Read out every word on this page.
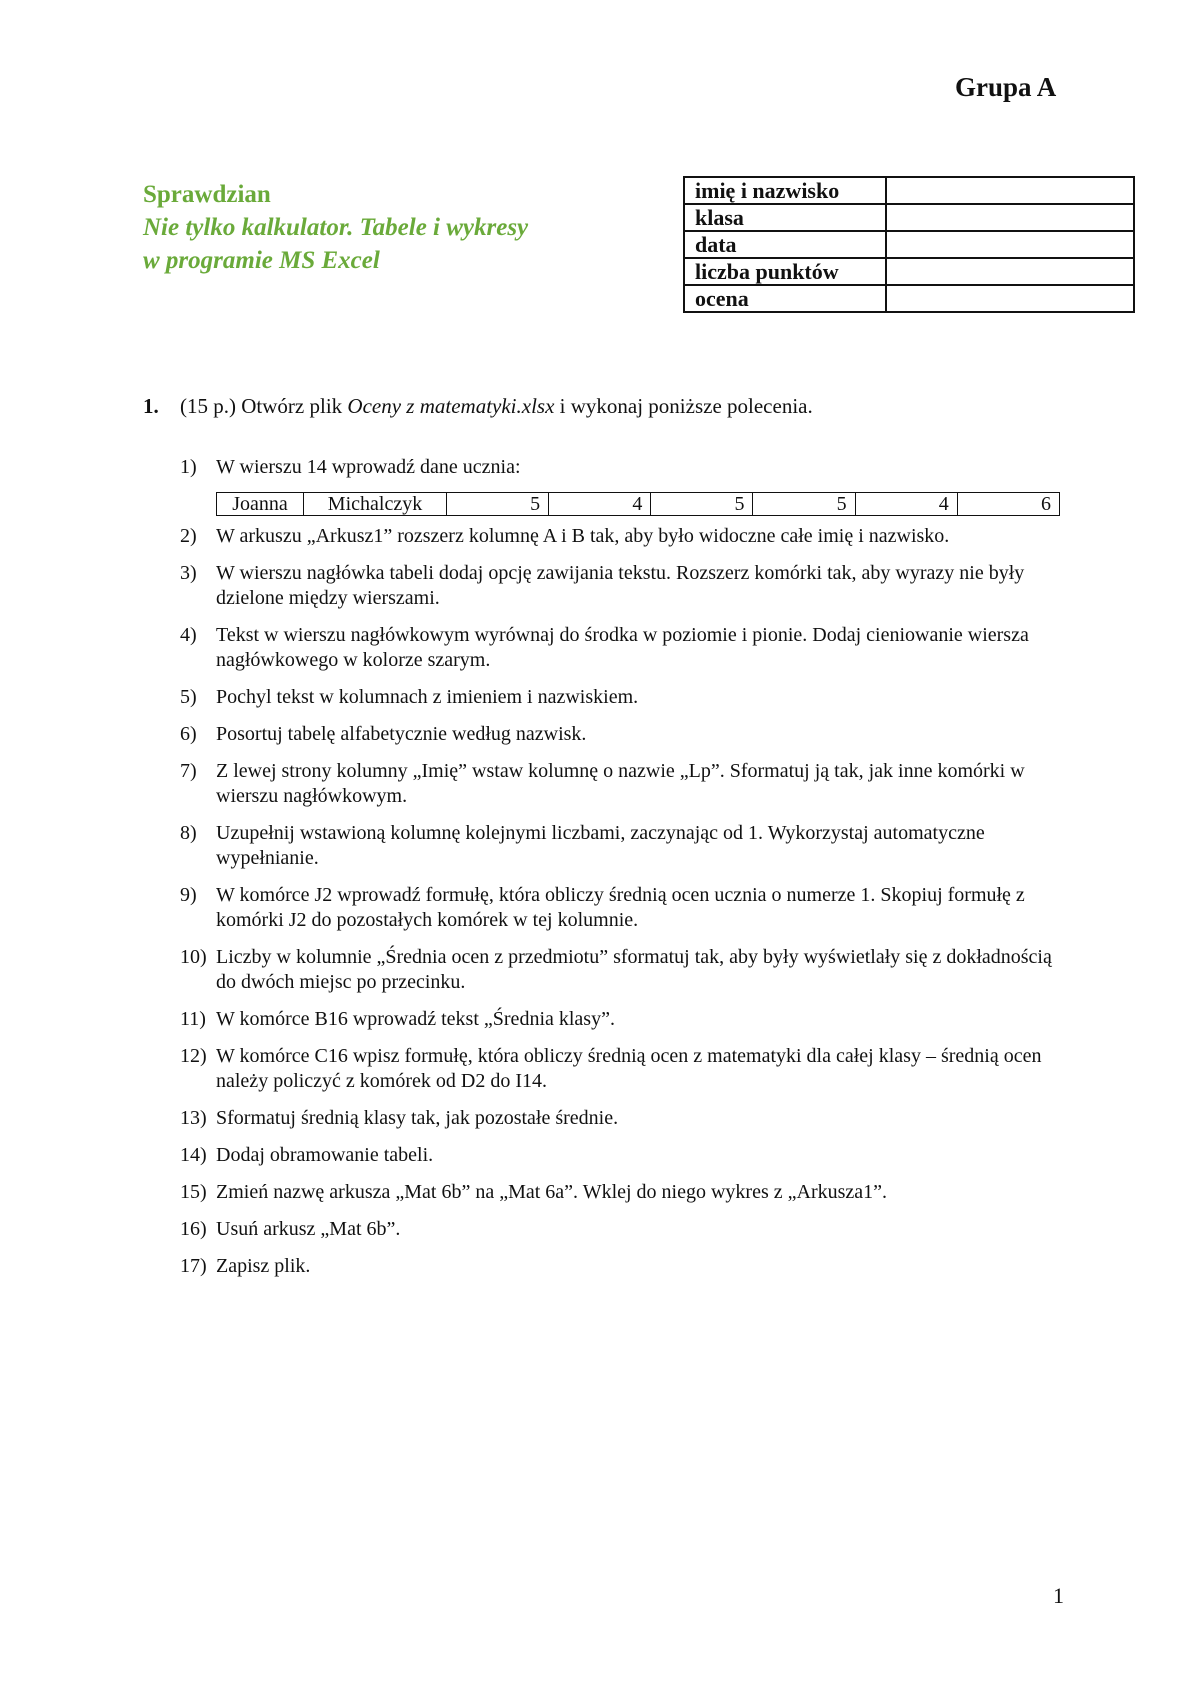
Grupa A
Sprawdzian
Nie tylko kalkulator. Tabele i wykresy
w programie MS Excel
imię i nazwisko	
klasa	
data	
liczba punktów	
ocena	
1. (15 p.) Otwórz plik Oceny z matematyki.xlsx i wykonaj poniższe polecenia.
1) W wierszu 14 wprowadź dane ucznia:
Joanna	Michalczyk	5	4	5	5	4	6
2) W arkuszu „Arkusz1” rozszerz kolumnę A i B tak, aby było widoczne całe imię i nazwisko.
3) W wierszu nagłówka tabeli dodaj opcję zawijania tekstu. Rozszerz komórki tak, aby wyrazy nie były dzielone między wierszami.
4) Tekst w wierszu nagłówkowym wyrównaj do środka w poziomie i pionie. Dodaj cieniowanie wiersza nagłówkowego w kolorze szarym.
5) Pochyl tekst w kolumnach z imieniem i nazwiskiem.
6) Posortuj tabelę alfabetycznie według nazwisk.
7) Z lewej strony kolumny „Imię” wstaw kolumnę o nazwie „Lp”. Sformatuj ją tak, jak inne komórki w wierszu nagłówkowym.
8) Uzupełnij wstawioną kolumnę kolejnymi liczbami, zaczynając od 1. Wykorzystaj automatyczne wypełnianie.
9) W komórce J2 wprowadź formułę, która obliczy średnią ocen ucznia o numerze 1. Skopiuj formułę z komórki J2 do pozostałych komórek w tej kolumnie.
10) Liczby w kolumnie „Średnia ocen z przedmiotu” sformatuj tak, aby były wyświetlały się z dokładnością do dwóch miejsc po przecinku.
11) W komórce B16 wprowadź tekst „Średnia klasy”.
12) W komórce C16 wpisz formułę, która obliczy średnią ocen z matematyki dla całej klasy – średnią ocen należy policzyć z komórek od D2 do I14.
13) Sformatuj średnią klasy tak, jak pozostałe średnie.
14) Dodaj obramowanie tabeli.
15) Zmień nazwę arkusza „Mat 6b” na „Mat 6a”. Wklej do niego wykres z „Arkusza1”.
16) Usuń arkusz „Mat 6b”.
17) Zapisz plik.
1
